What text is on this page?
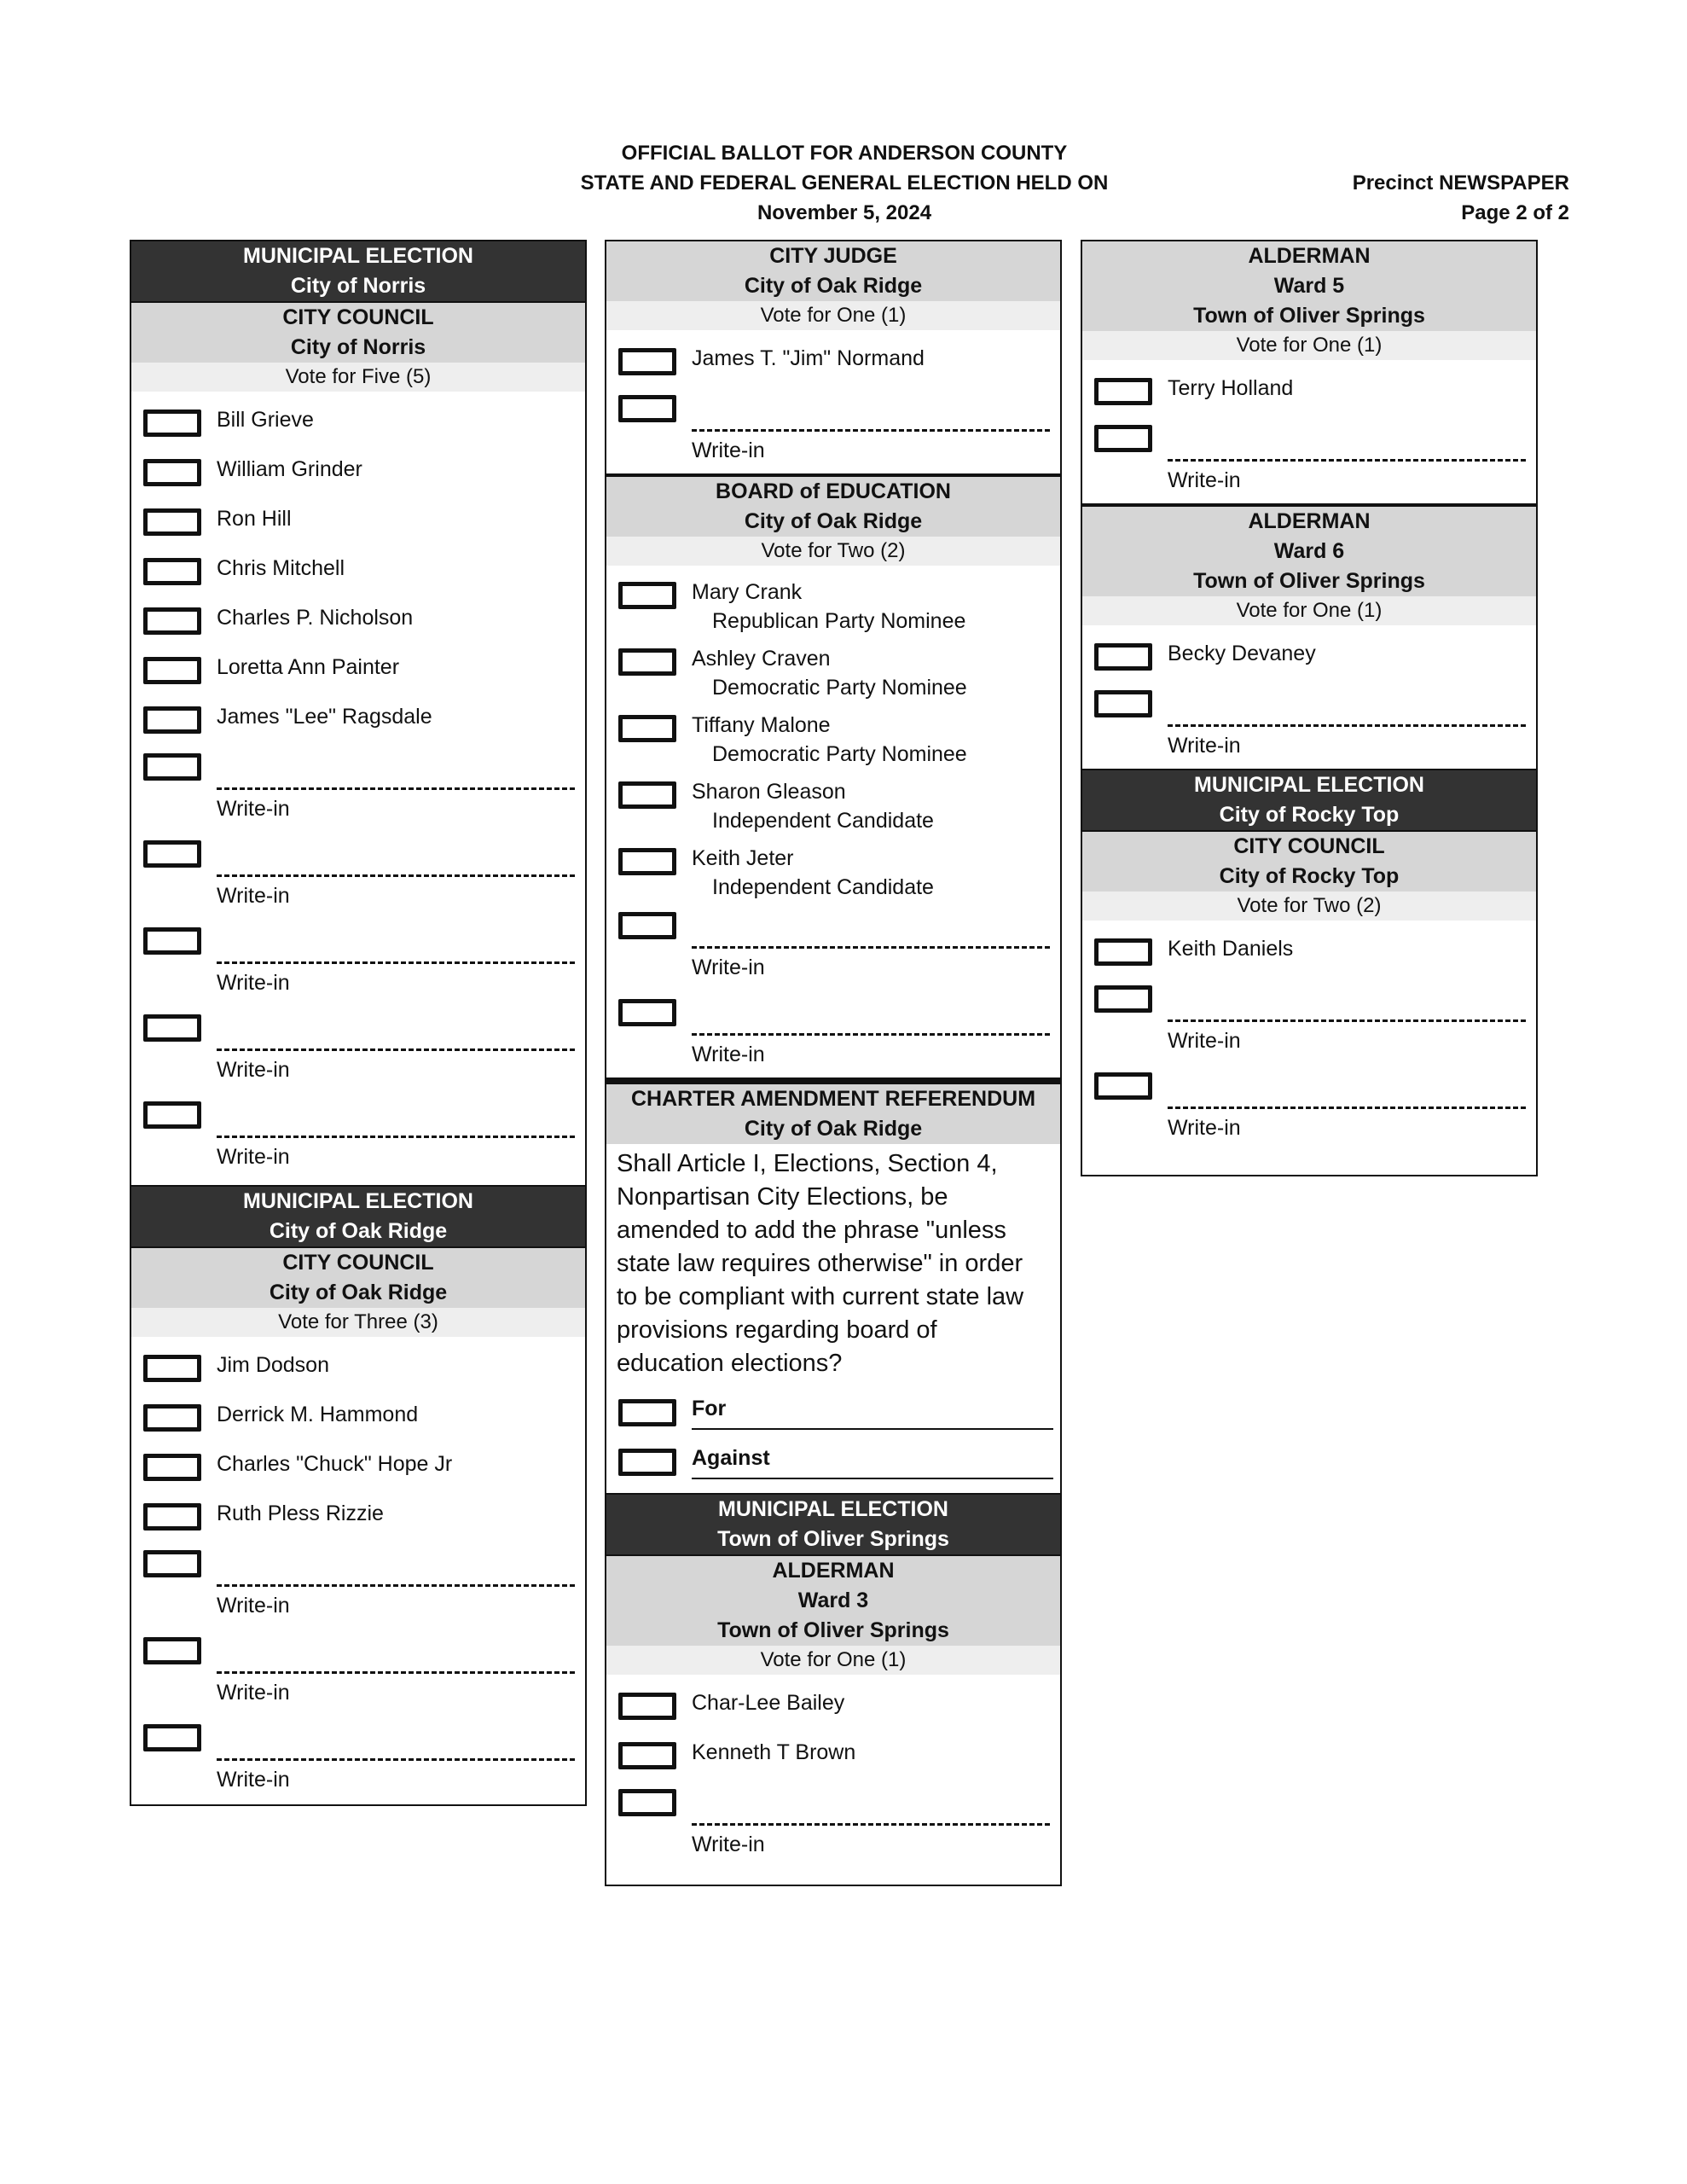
OFFICIAL BALLOT FOR ANDERSON COUNTY
STATE AND FEDERAL GENERAL ELECTION HELD ON
November 5, 2024
Precinct NEWSPAPER
Page 2 of 2
MUNICIPAL ELECTION
City of Norris
CITY COUNCIL
City of Norris
Vote for Five (5)
Bill Grieve
William Grinder
Ron Hill
Chris Mitchell
Charles P. Nicholson
Loretta Ann Painter
James "Lee" Ragsdale
Write-in
Write-in
Write-in
Write-in
Write-in
MUNICIPAL ELECTION
City of Oak Ridge
CITY COUNCIL
City of Oak Ridge
Vote for Three (3)
Jim Dodson
Derrick M. Hammond
Charles "Chuck" Hope Jr
Ruth Pless Rizzie
Write-in
Write-in
Write-in
CITY JUDGE
City of Oak Ridge
Vote for One (1)
James T. "Jim" Normand
Write-in
BOARD of EDUCATION
City of Oak Ridge
Vote for Two (2)
Mary Crank
Republican Party Nominee
Ashley Craven
Democratic Party Nominee
Tiffany Malone
Democratic Party Nominee
Sharon Gleason
Independent Candidate
Keith Jeter
Independent Candidate
Write-in
Write-in
CHARTER AMENDMENT REFERENDUM
City of Oak Ridge
Shall Article I, Elections, Section 4, Nonpartisan City Elections, be amended to add the phrase "unless state law requires otherwise" in order to be compliant with current state law provisions regarding board of education elections?
For
Against
MUNICIPAL ELECTION
Town of Oliver Springs
ALDERMAN
Ward 3
Town of Oliver Springs
Vote for One (1)
Char-Lee Bailey
Kenneth T Brown
Write-in
ALDERMAN
Ward 5
Town of Oliver Springs
Vote for One (1)
Terry Holland
Write-in
ALDERMAN
Ward 6
Town of Oliver Springs
Vote for One (1)
Becky Devaney
Write-in
MUNICIPAL ELECTION
City of Rocky Top
CITY COUNCIL
City of Rocky Top
Vote for Two (2)
Keith Daniels
Write-in
Write-in
